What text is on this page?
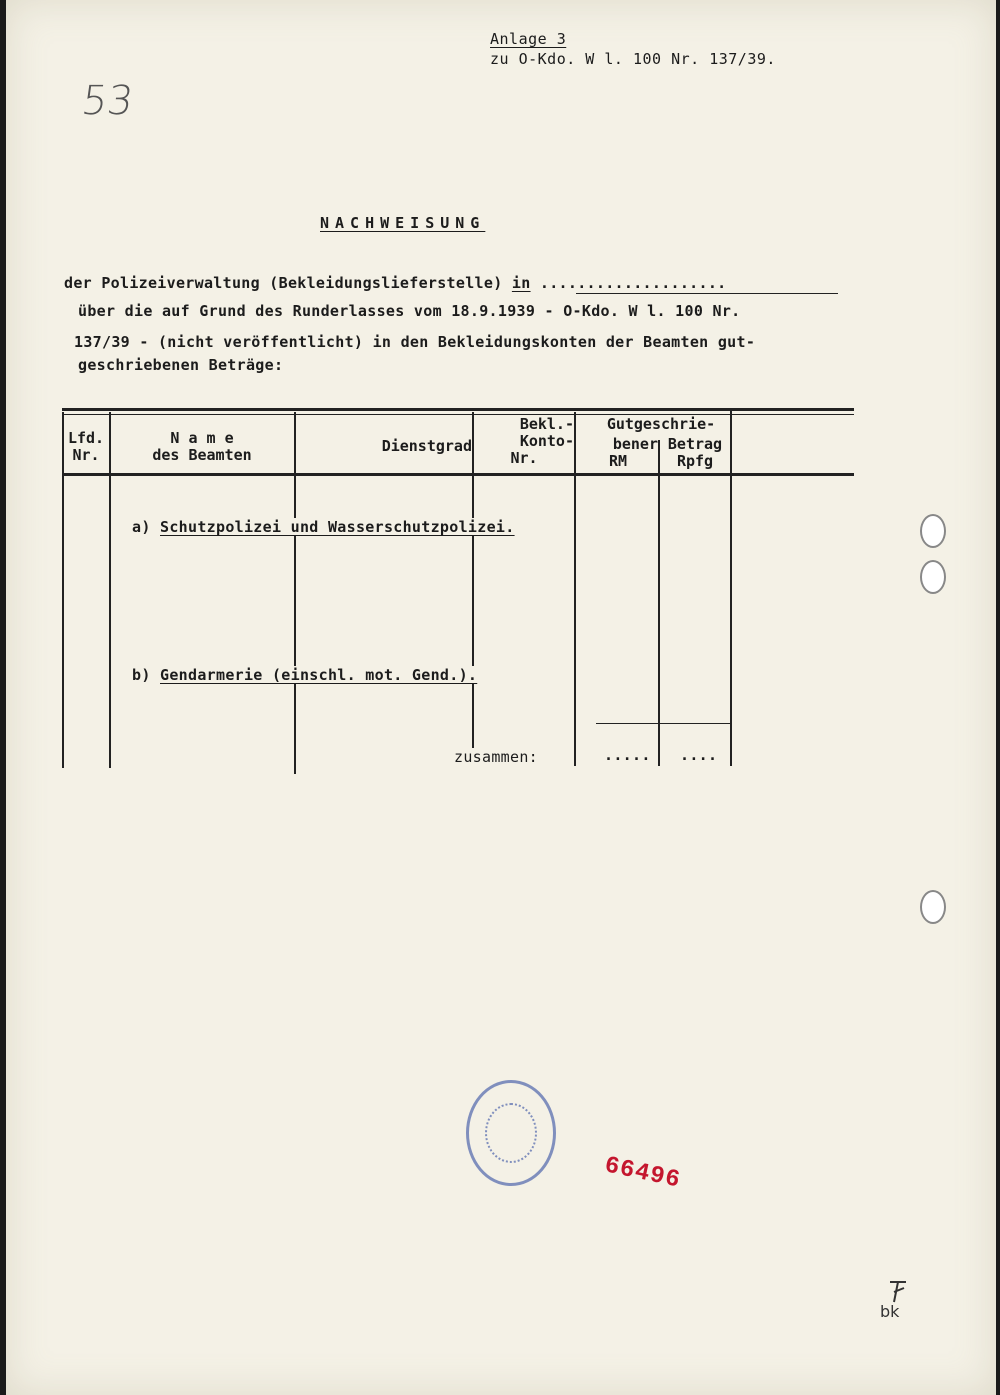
Anlage 3
zu O-Kdo. W l. 100 Nr. 137/39.
53
NACHWEISUNG
der Polizeiverwaltung (Bekleidungslieferstelle) in ....................
über die auf Grund des Runderlasses vom 18.9.1939 - O-Kdo. W l. 100 Nr.
137/39 - (nicht veröffentlicht) in den Bekleidungskonten der Beamten gut-
geschriebenen Beträge:
Lfd.
Nr.
N a m e
des Beamten	Dienstgrad
Bekl.-
Konto-
Nr.
Gutgeschrie-
bener
RM
Betrag
Rpfg
a) Schutzpolizei und Wasserschutzpolizei.
b) Gendarmerie (einschl. mot. Gend.).
zusammen:	..... ....
66496
bk
